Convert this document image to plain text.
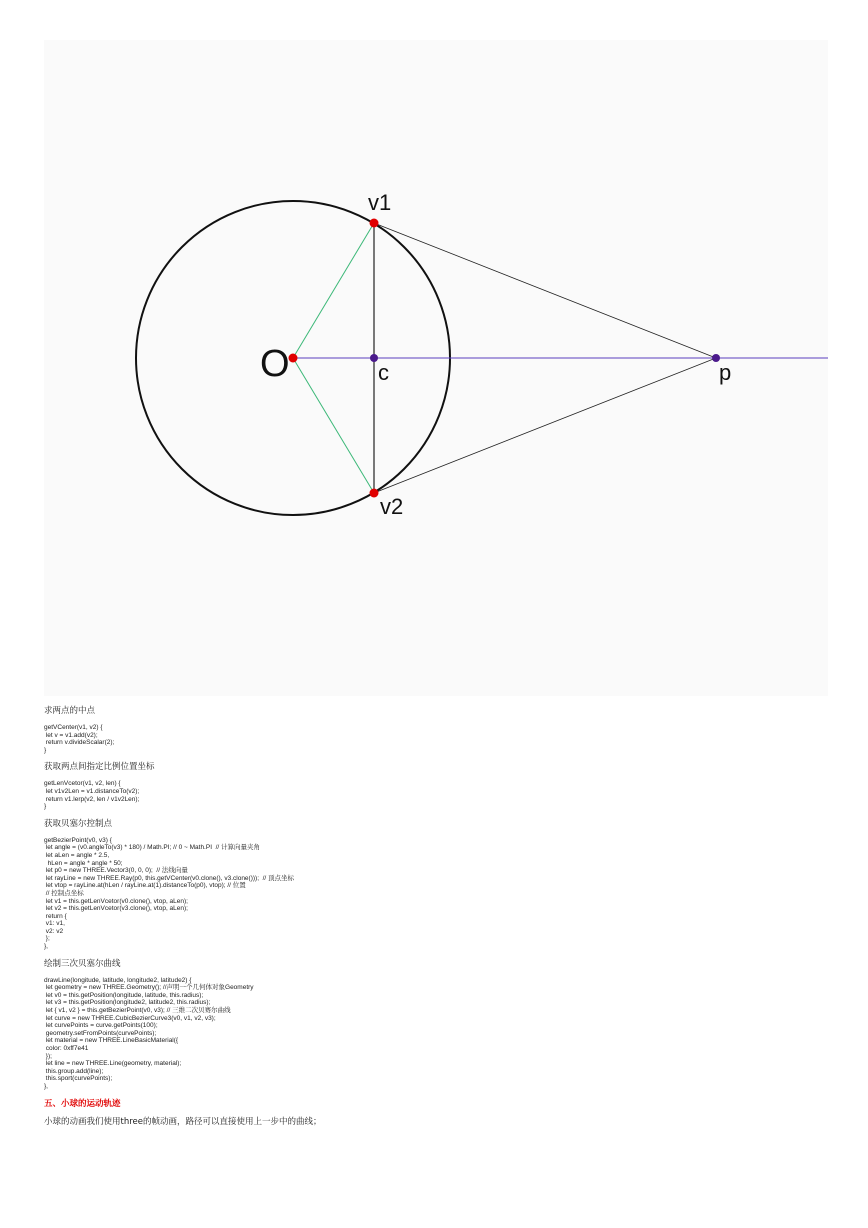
O
v1
c	p
v2
求两点的中点
getVCenter(v1, v2) {
let v = v1.add(v2);
return v.divideScalar(2);
}
获取两点间指定比例位置坐标
getLenVcetor(v1, v2, len) {
let v1v2Len = v1.distanceTo(v2);
return v1.lerp(v2, len / v1v2Len);
}
获取贝塞尔控制点
getBezierPoint(v0, v3) {
let angle = (v0.angleTo(v3) * 180) / Math.PI; // 0 ~ Math.PI  // 计算向量夹角
let aLen = angle * 2.5,
hLen = angle * angle * 50;
let p0 = new THREE.Vector3(0, 0, 0);  // 法线向量
let rayLine = new THREE.Ray(p0, this.getVCenter(v0.clone(), v3.clone()));  // 顶点坐标
let vtop = rayLine.at(hLen / rayLine.at(1).distanceTo(p0), vtop); // 位置
// 控制点坐标
let v1 = this.getLenVcetor(v0.clone(), vtop, aLen);
let v2 = this.getLenVcetor(v3.clone(), vtop, aLen);
return {
v1: v1,
v2: v2
};
},
绘制三次贝塞尔曲线
drawLine(longitude, latitude, longitude2, latitude2) {
let geometry = new THREE.Geometry(); //声明一个几何体对象Geometry
let v0 = this.getPosition(longitude, latitude, this.radius);
let v3 = this.getPosition(longitude2, latitude2, this.radius);
let { v1, v2 } = this.getBezierPoint(v0, v3); // 三维二次贝赛尔曲线
let curve = new THREE.CubicBezierCurve3(v0, v1, v2, v3);
let curvePoints = curve.getPoints(100);
geometry.setFromPoints(curvePoints);
let material = new THREE.LineBasicMaterial({
color: 0xff7e41
});
let line = new THREE.Line(geometry, material);
this.group.add(line);
this.sport(curvePoints);
},
五、小球的运动轨迹

小球的动画我们使用three的帧动画，路径可以直接使用上一步中的曲线；
